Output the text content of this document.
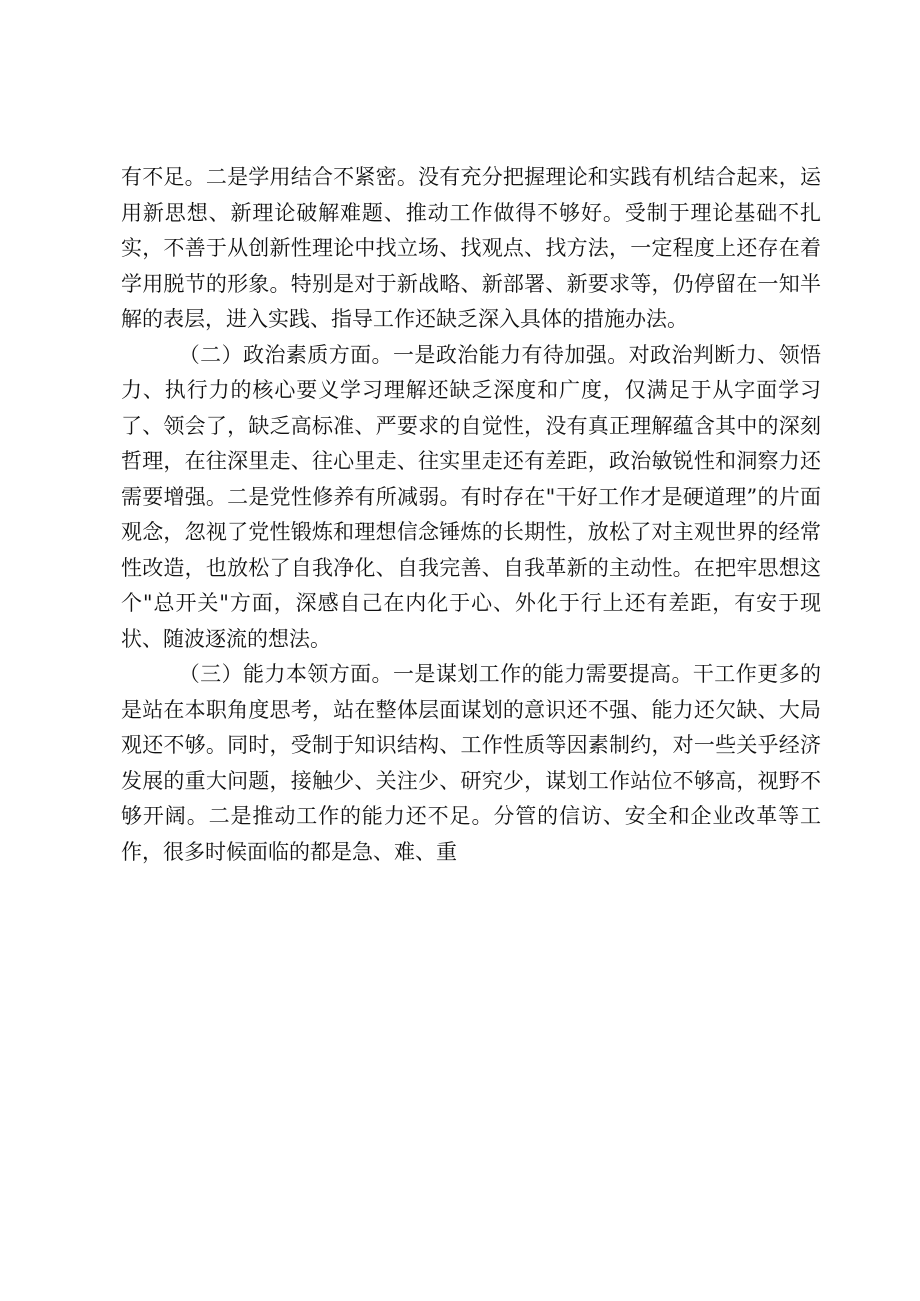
有不足。二是学用结合不紧密。没有充分把握理论和实践有机结合起来，运用新思想、新理论破解难题、推动工作做得不够好。受制于理论基础不扎实，不善于从创新性理论中找立场、找观点、找方法，一定程度上还存在着学用脱节的形象。特别是对于新战略、新部署、新要求等，仍停留在一知半解的表层，进入实践、指导工作还缺乏深入具体的措施办法。

（二）政治素质方面。一是政治能力有待加强。对政治判断力、领悟力、执行力的核心要义学习理解还缺乏深度和广度，仅满足于从字面学习了、领会了，缺乏高标准、严要求的自觉性，没有真正理解蕴含其中的深刻哲理，在往深里走、往心里走、往实里走还有差距，政治敏锐性和洞察力还需要增强。二是党性修养有所减弱。有时存在"干好工作才是硬道理”的片面观念，忽视了党性锻炼和理想信念锤炼的长期性，放松了对主观世界的经常性改造，也放松了自我净化、自我完善、自我革新的主动性。在把牢思想这个"总开关"方面，深感自己在内化于心、外化于行上还有差距，有安于现状、随波逐流的想法。

（三）能力本领方面。一是谋划工作的能力需要提高。干工作更多的是站在本职角度思考，站在整体层面谋划的意识还不强、能力还欠缺、大局观还不够。同时，受制于知识结构、工作性质等因素制约，对一些关乎经济发展的重大问题，接触少、关注少、研究少，谋划工作站位不够高，视野不够开阔。二是推动工作的能力还不足。分管的信访、安全和企业改革等工作，很多时候面临的都是急、难、重
